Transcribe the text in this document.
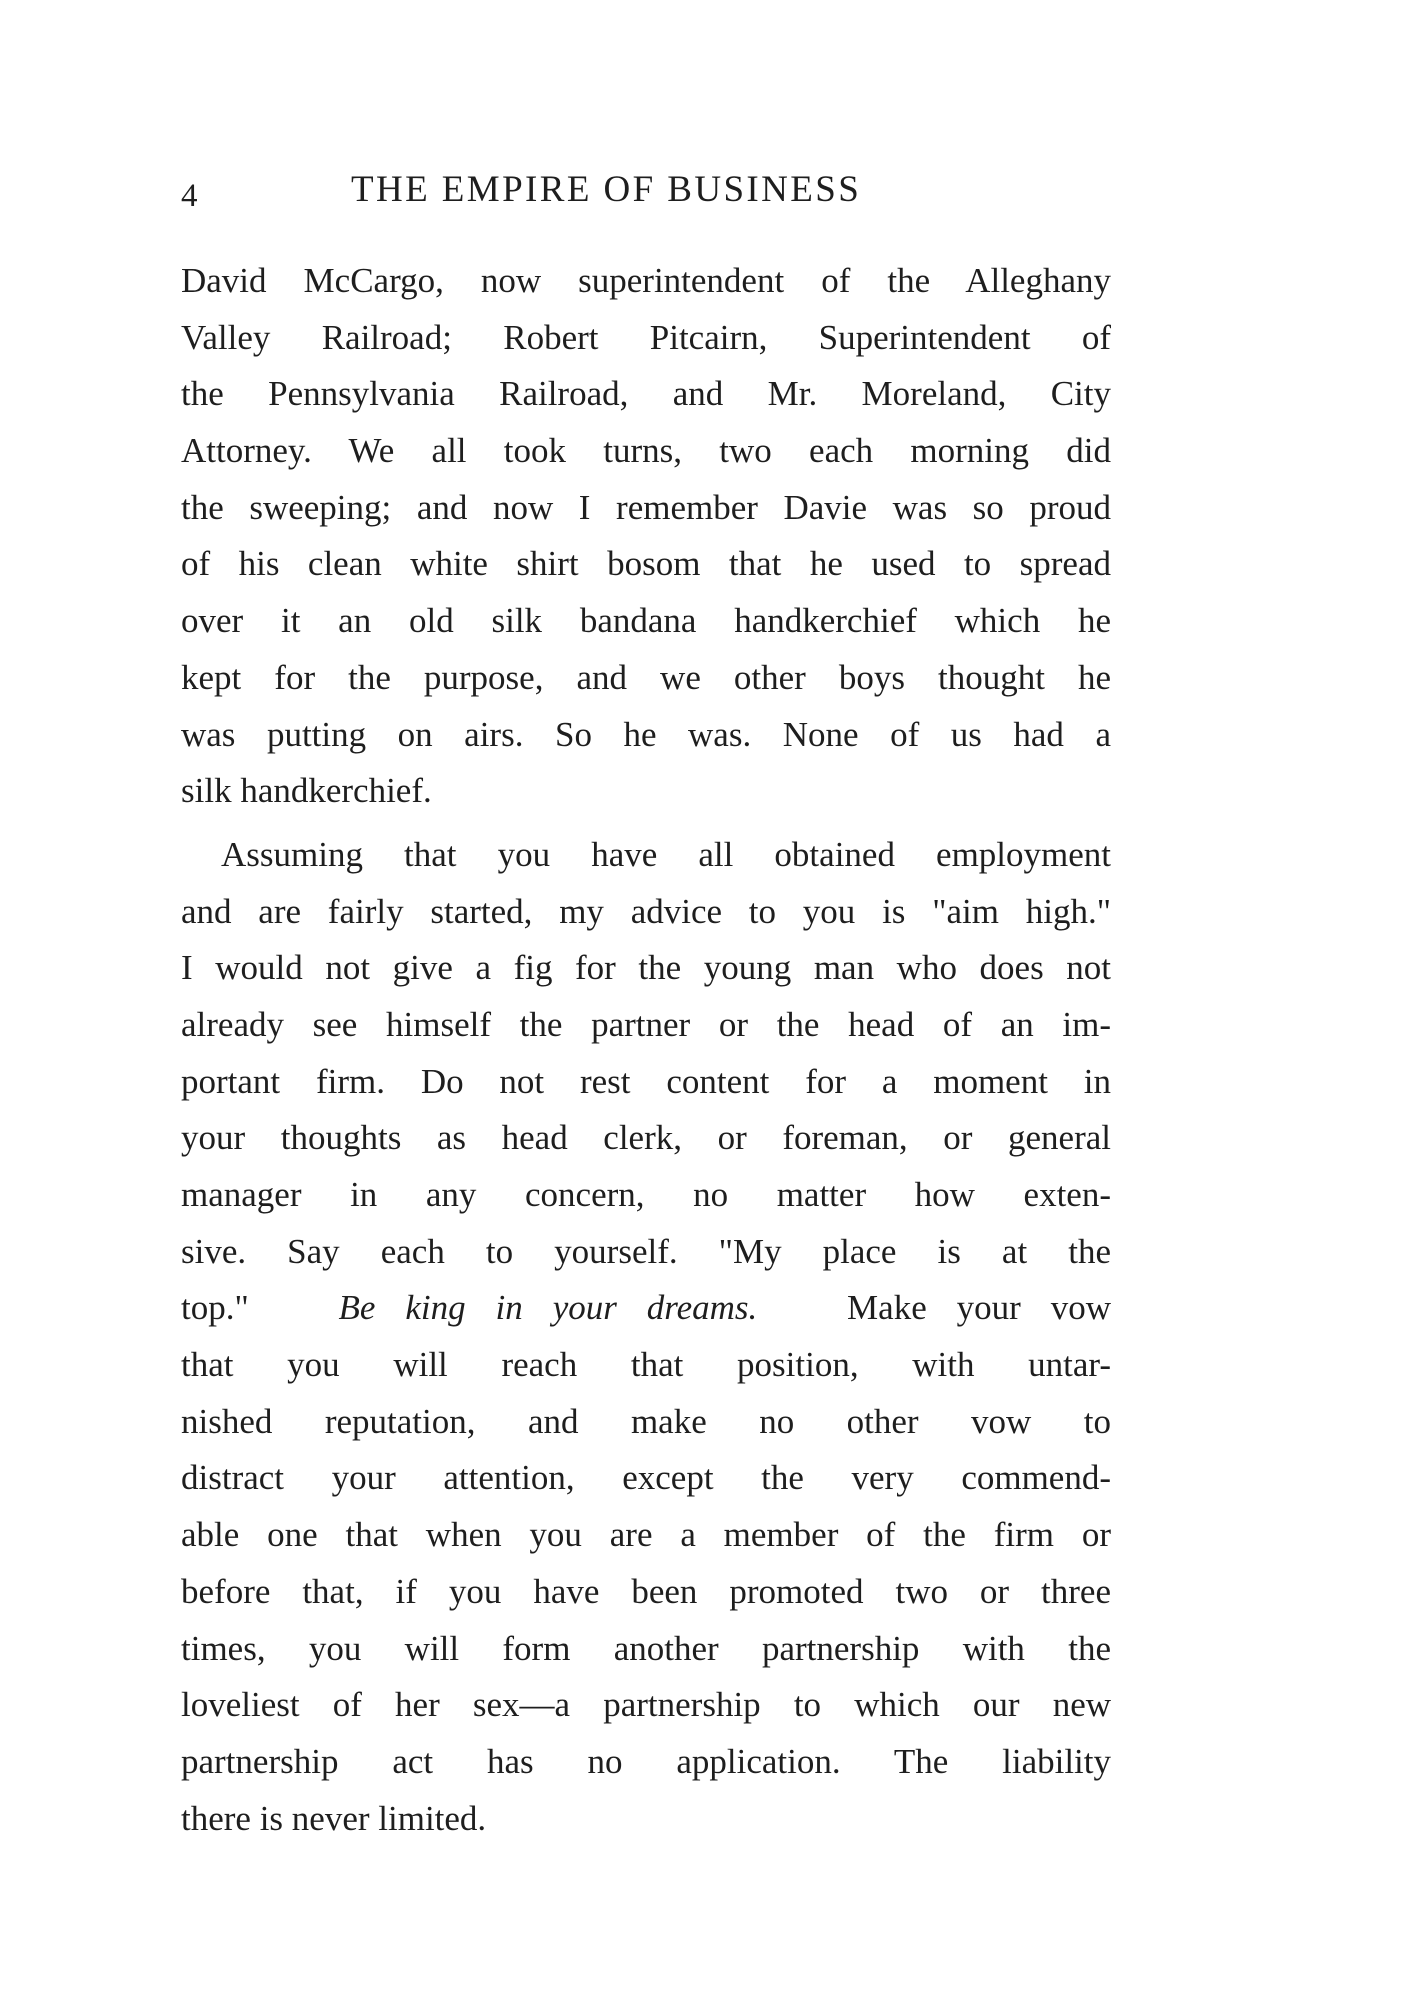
4	THE EMPIRE OF BUSINESS
David McCargo, now superintendent of the Alleghany
Valley Railroad; Robert Pitcairn, Superintendent of
the Pennsylvania Railroad, and Mr. Moreland, City
Attorney. We all took turns, two each morning did
the sweeping; and now I remember Davie was so proud
of his clean white shirt bosom that he used to spread
over it an old silk bandana handkerchief which he
kept for the purpose, and we other boys thought he
was putting on airs. So he was. None of us had a
silk handkerchief.
Assuming that you have all obtained employment
and are fairly started, my advice to you is "aim high."
I would not give a fig for the young man who does not
already see himself the partner or the head of an im-
portant firm. Do not rest content for a moment in
your thoughts as head clerk, or foreman, or general
manager in any concern, no matter how exten-
sive. Say each to yourself. "My place is at the
top."	Be king in your dreams.	Make your vow
that you will reach that position, with untar-
nished reputation, and make no other vow to
distract your attention, except the very commend-
able one that when you are a member of the firm or
before that, if you have been promoted two or three
times, you will form another partnership with the
loveliest of her sex—a partnership to which our new
partnership act has no application. The liability
there is never limited.
